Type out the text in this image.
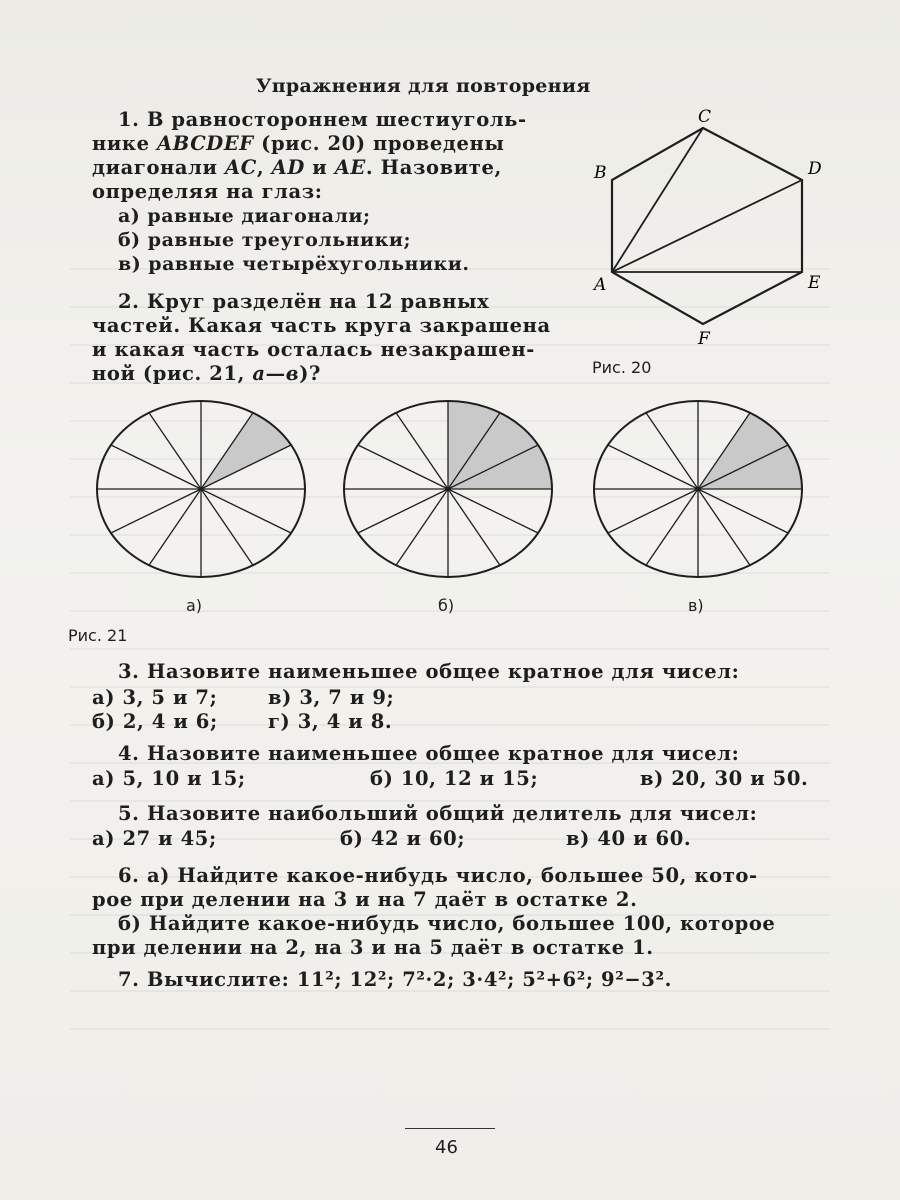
Упражнения для повторения
1. В равностороннем шестиуголь-
нике ABCDEF (рис. 20) проведены
диагонали AC, AD и AE. Назовите,
определяя на глаз:
а) равные диагонали;
б) равные треугольники;
в) равные четырёхугольники.
2. Круг разделён на 12 равных
частей. Какая часть круга закрашена
и какая часть осталась незакрашен-
ной (рис. 21, а—в)?
A
B
C
D
E
F
Рис. 20
а)	б)	в)
Рис. 21
3. Назовите наименьшее общее кратное для чисел:
а) 3, 5 и 7;	в) 3, 7 и 9;
б) 2, 4 и 6;	г) 3, 4 и 8.
4. Назовите наименьшее общее кратное для чисел:
а) 5, 10 и 15;	б) 10, 12 и 15;	в) 20, 30 и 50.
5. Назовите наибольший общий делитель для чисел:
а) 27 и 45;	б) 42 и 60;	в) 40 и 60.
6. а) Найдите какое-нибудь число, большее 50, кото-
рое при делении на 3 и на 7 даёт в остатке 2.
б) Найдите какое-нибудь число, большее 100, которое
при делении на 2, на 3 и на 5 даёт в остатке 1.
7. Вычислите: 11²; 12²; 7²·2; 3·4²; 5²+6²; 9²−3².
46
